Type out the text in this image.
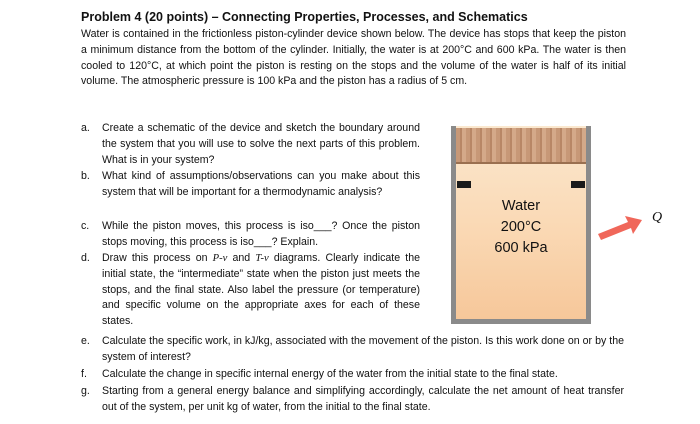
Problem 4 (20 points) – Connecting Properties, Processes, and Schematics
Water is contained in the frictionless piston-cylinder device shown below. The device has stops that keep the piston a minimum distance from the bottom of the cylinder. Initially, the water is at 200°C and 600 kPa. The water is then cooled to 120°C, at which point the piston is resting on the stops and the volume of the water is half of its initial volume. The atmospheric pressure is 100 kPa and the piston has a radius of 5 cm.
a.	Create a schematic of the device and sketch the boundary around the system that you will use to solve the next parts of this problem. What is in your system?
b.	What kind of assumptions/observations can you make about this system that will be important for a thermodynamic analysis?
c.	While the piston moves, this process is iso___? Once the piston stops moving, this process is iso___? Explain.
d.	Draw this process on P-v and T-v diagrams. Clearly indicate the initial state, the “intermediate” state when the piston just meets the stops, and the final state. Also label the pressure (or temperature) and specific volume on the appropriate axes for each of these states.
e.	Calculate the specific work, in kJ/kg, associated with the movement of the piston. Is this work done on or by the system of interest?
f.	Calculate the change in specific internal energy of the water from the initial state to the final state.
g.	Starting from a general energy balance and simplifying accordingly, calculate the net amount of heat transfer out of the system, per unit kg of water, from the initial to the final state.
Water
200°C
600 kPa
Q
